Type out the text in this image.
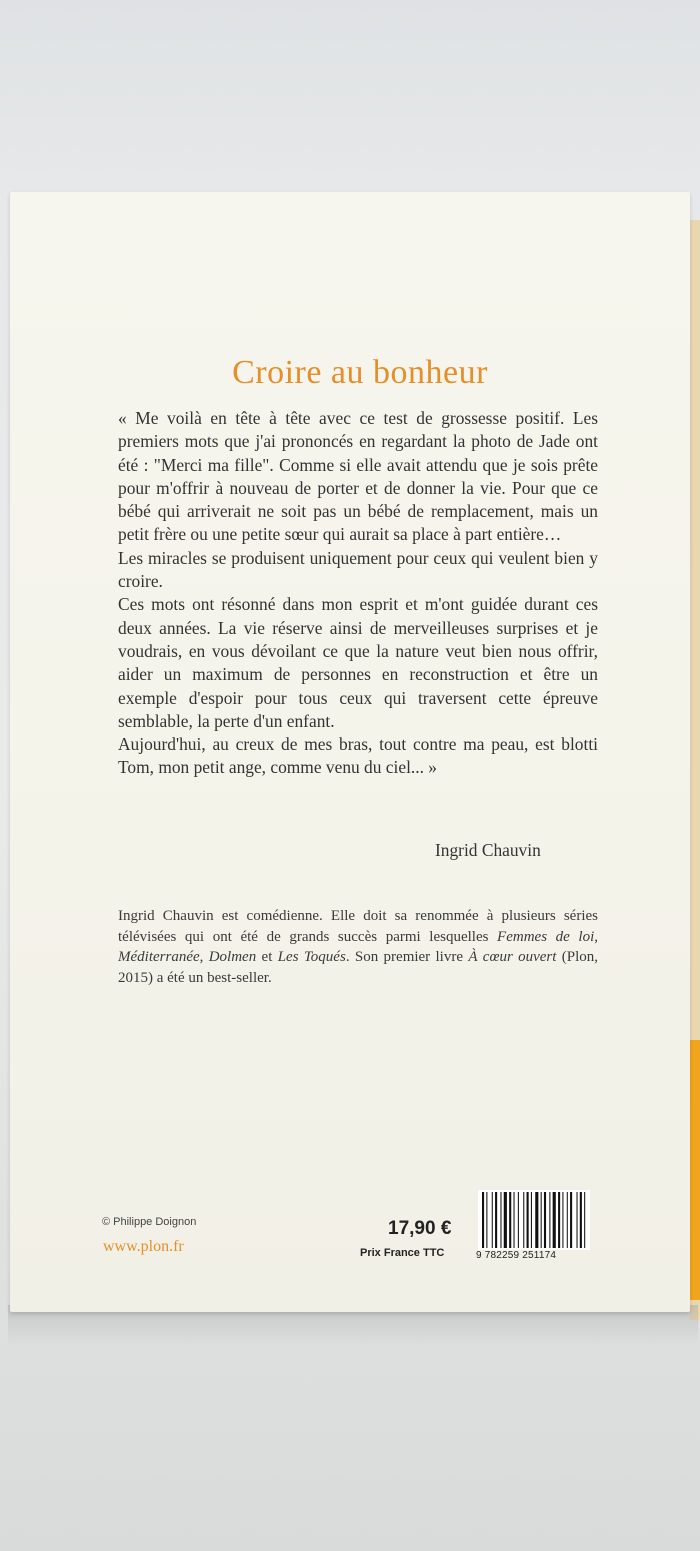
Croire au bonheur

« Me voilà en tête à tête avec ce test de grossesse positif. Les premiers mots que j'ai prononcés en regardant la photo de Jade ont été : "Merci ma fille". Comme si elle avait attendu que je sois prête pour m'offrir à nouveau de porter et de donner la vie. Pour que ce bébé qui arriverait ne soit pas un bébé de remplacement, mais un petit frère ou une petite sœur qui aurait sa place à part entière…

Les miracles se produisent uniquement pour ceux qui veulent bien y croire.

Ces mots ont résonné dans mon esprit et m'ont guidée durant ces deux années. La vie réserve ainsi de merveilleuses surprises et je voudrais, en vous dévoilant ce que la nature veut bien nous offrir, aider un maximum de personnes en reconstruction et être un exemple d'espoir pour tous ceux qui traversent cette épreuve semblable, la perte d'un enfant.

Aujourd'hui, au creux de mes bras, tout contre ma peau, est blotti Tom, mon petit ange, comme venu du ciel... »

Ingrid Chauvin

Ingrid Chauvin est comédienne. Elle doit sa renommée à plusieurs séries télévisées qui ont été de grands succès parmi lesquelles Femmes de loi, Méditerranée, Dolmen et Les Toqués. Son premier livre À cœur ouvert (Plon, 2015) a été un best-seller.

© Philippe Doignon
www.plon.fr
17,90 €
Prix France TTC	9 782259 251174
